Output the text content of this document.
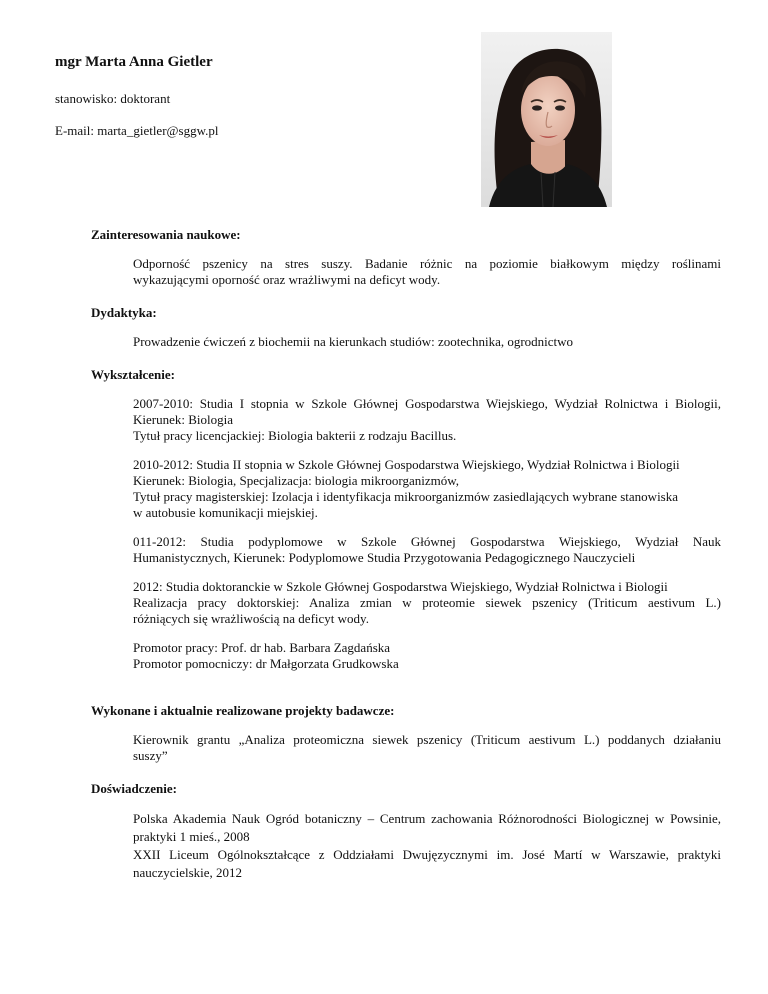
mgr Marta Anna Gietler

stanowisko: doktorant

E-mail: marta_gietler@sggw.pl

Zainteresowania naukowe:

Odporność pszenicy na stres suszy. Badanie różnic na poziomie białkowym między roślinami
wykazującymi oporność oraz wrażliwymi na deficyt wody.

Dydaktyka:

Prowadzenie ćwiczeń z biochemii na kierunkach studiów: zootechnika, ogrodnictwo

Wykształcenie:

2007-2010: Studia I stopnia w Szkole Głównej Gospodarstwa Wiejskiego, Wydział Rolnictwa i Biologii,
Kierunek: Biologia
Tytuł pracy licencjackiej: Biologia bakterii z rodzaju Bacillus.

2010-2012: Studia II stopnia w Szkole Głównej Gospodarstwa Wiejskiego, Wydział Rolnictwa i Biologii
Kierunek: Biologia, Specjalizacja: biologia mikroorganizmów,
Tytuł pracy magisterskiej: Izolacja i identyfikacja mikroorganizmów zasiedlających wybrane stanowiska
w autobusie komunikacji miejskiej.

011-2012: Studia podyplomowe w Szkole Głównej Gospodarstwa Wiejskiego, Wydział Nauk
Humanistycznych, Kierunek: Podyplomowe Studia Przygotowania Pedagogicznego Nauczycieli

2012: Studia doktoranckie w Szkole Głównej Gospodarstwa Wiejskiego, Wydział Rolnictwa i Biologii
Realizacja pracy doktorskiej: Analiza zmian w proteomie siewek pszenicy (Triticum aestivum L.)
różniących się wrażliwością na deficyt wody.

Promotor pracy: Prof. dr hab. Barbara Zagdańska
Promotor pomocniczy: dr Małgorzata Grudkowska

Wykonane i aktualnie realizowane projekty badawcze:

Kierownik grantu „Analiza proteomiczna siewek pszenicy (Triticum aestivum L.) poddanych działaniu
suszy”

Doświadczenie:

Polska Akademia Nauk Ogród botaniczny – Centrum zachowania Różnorodności Biologicznej w Powsinie,
praktyki 1 mieś., 2008
XXII Liceum Ogólnokształcące z Oddziałami Dwujęzycznymi im. José Martí w Warszawie, praktyki
nauczycielskie, 2012
